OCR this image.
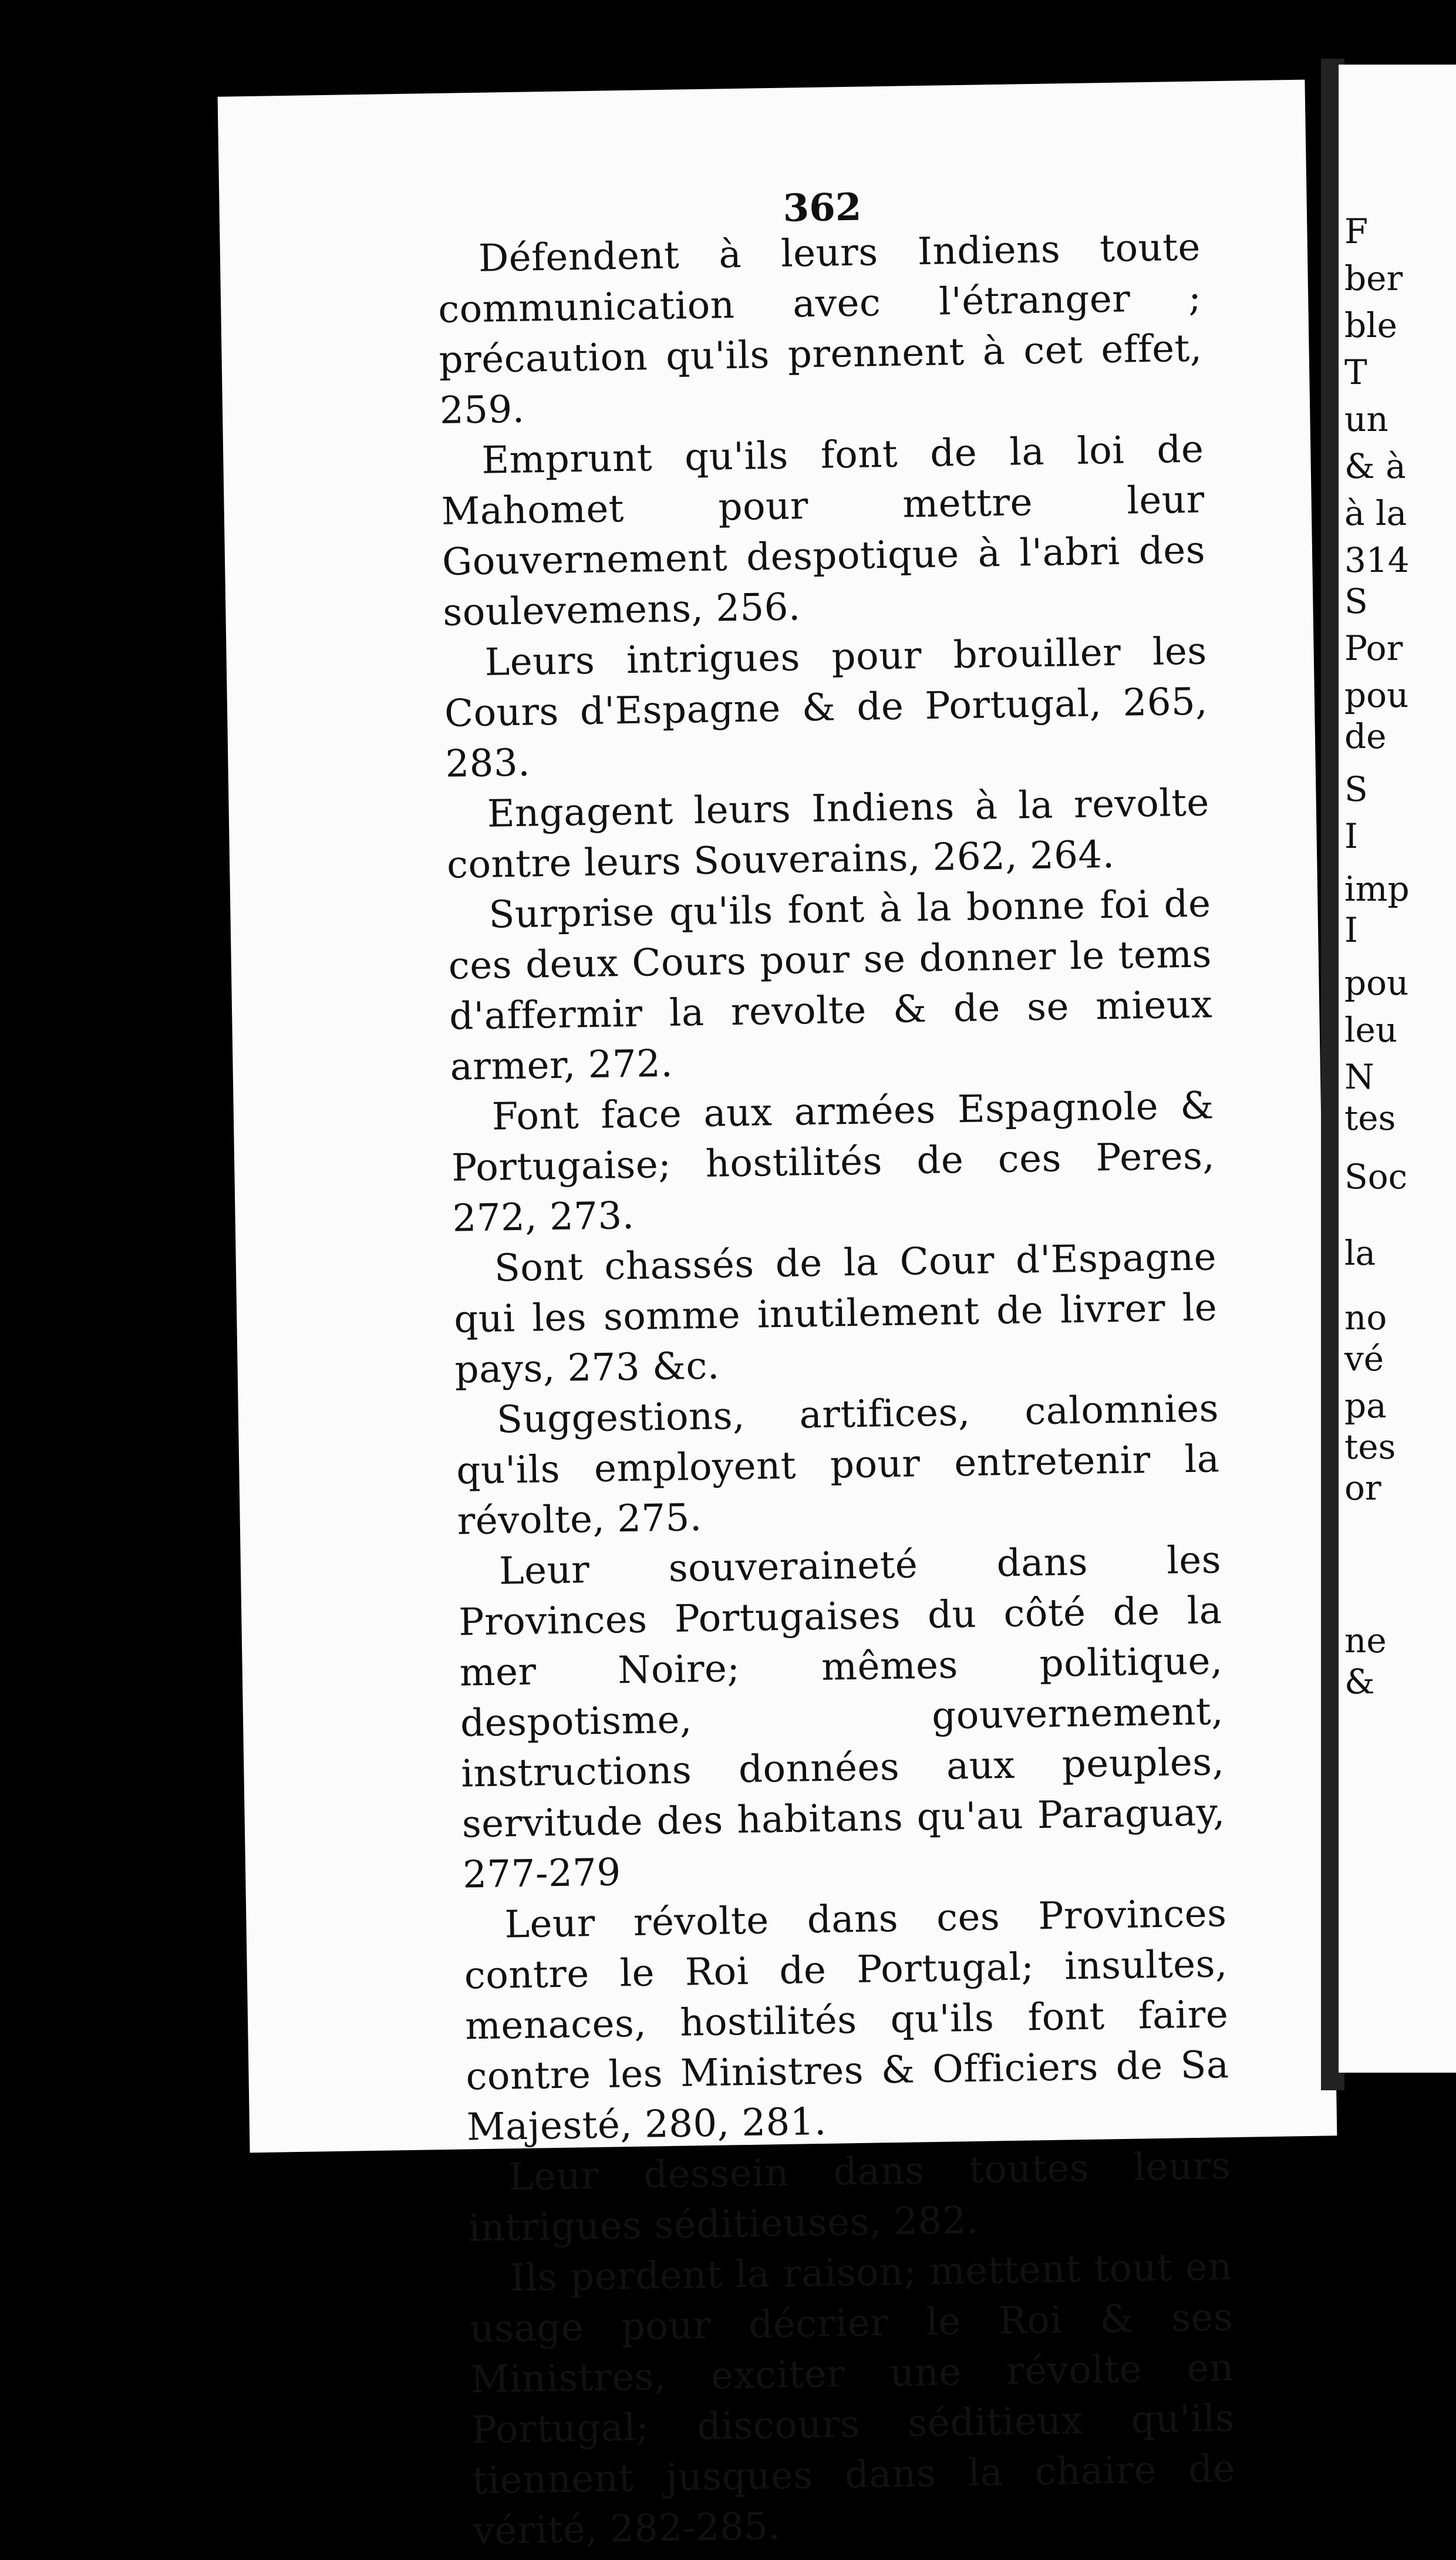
362

Défendent à leurs Indiens toute communication avec l'étranger ; précaution qu'ils prennent à cet effet, 259.

Emprunt qu'ils font de la loi de Mahomet pour mettre leur Gouvernement despotique à l'abri des soulevemens, 256.

Leurs intrigues pour brouiller les Cours d'Espagne & de Portugal, 265, 283.

Engagent leurs Indiens à la revolte contre leurs Souverains, 262, 264.

Surprise qu'ils font à la bonne foi de ces deux Cours pour se donner le tems d'affermir la revolte & de se mieux armer, 272.

Font face aux armées Espagnole & Portugaise; hostilités de ces Peres, 272, 273.

Sont chassés de la Cour d'Espagne qui les somme inutilement de livrer le pays, 273 &c.

Suggestions, artifices, calomnies qu'ils employent pour entretenir la révolte, 275.

Leur souveraineté dans les Provinces Portugaises du côté de la mer Noire; mêmes politique, despotisme, gouvernement, instructions données aux peuples, servitude des habitans qu'au Paraguay, 277-279

Leur révolte dans ces Provinces contre le Roi de Portugal; insultes, menaces, hostilités qu'ils font faire contre les Ministres & Officiers de Sa Majesté, 280, 281.

Leur dessein dans toutes leurs intrigues séditieuses, 282.

Ils perdent la raison; mettent tout en usage pour décrier le Roi & ses Ministres, exciter une révolte en Portugal; discours séditieux qu'ils tiennent jusques dans la chaire de vérité, 282-285.

F
ber
ble
T
un
& à
à la
314
S
Por
pou
de
S
I
imp
I
pou
leu
N
tes
Soc
la
no
vé
pa
tes
or
ne
&
